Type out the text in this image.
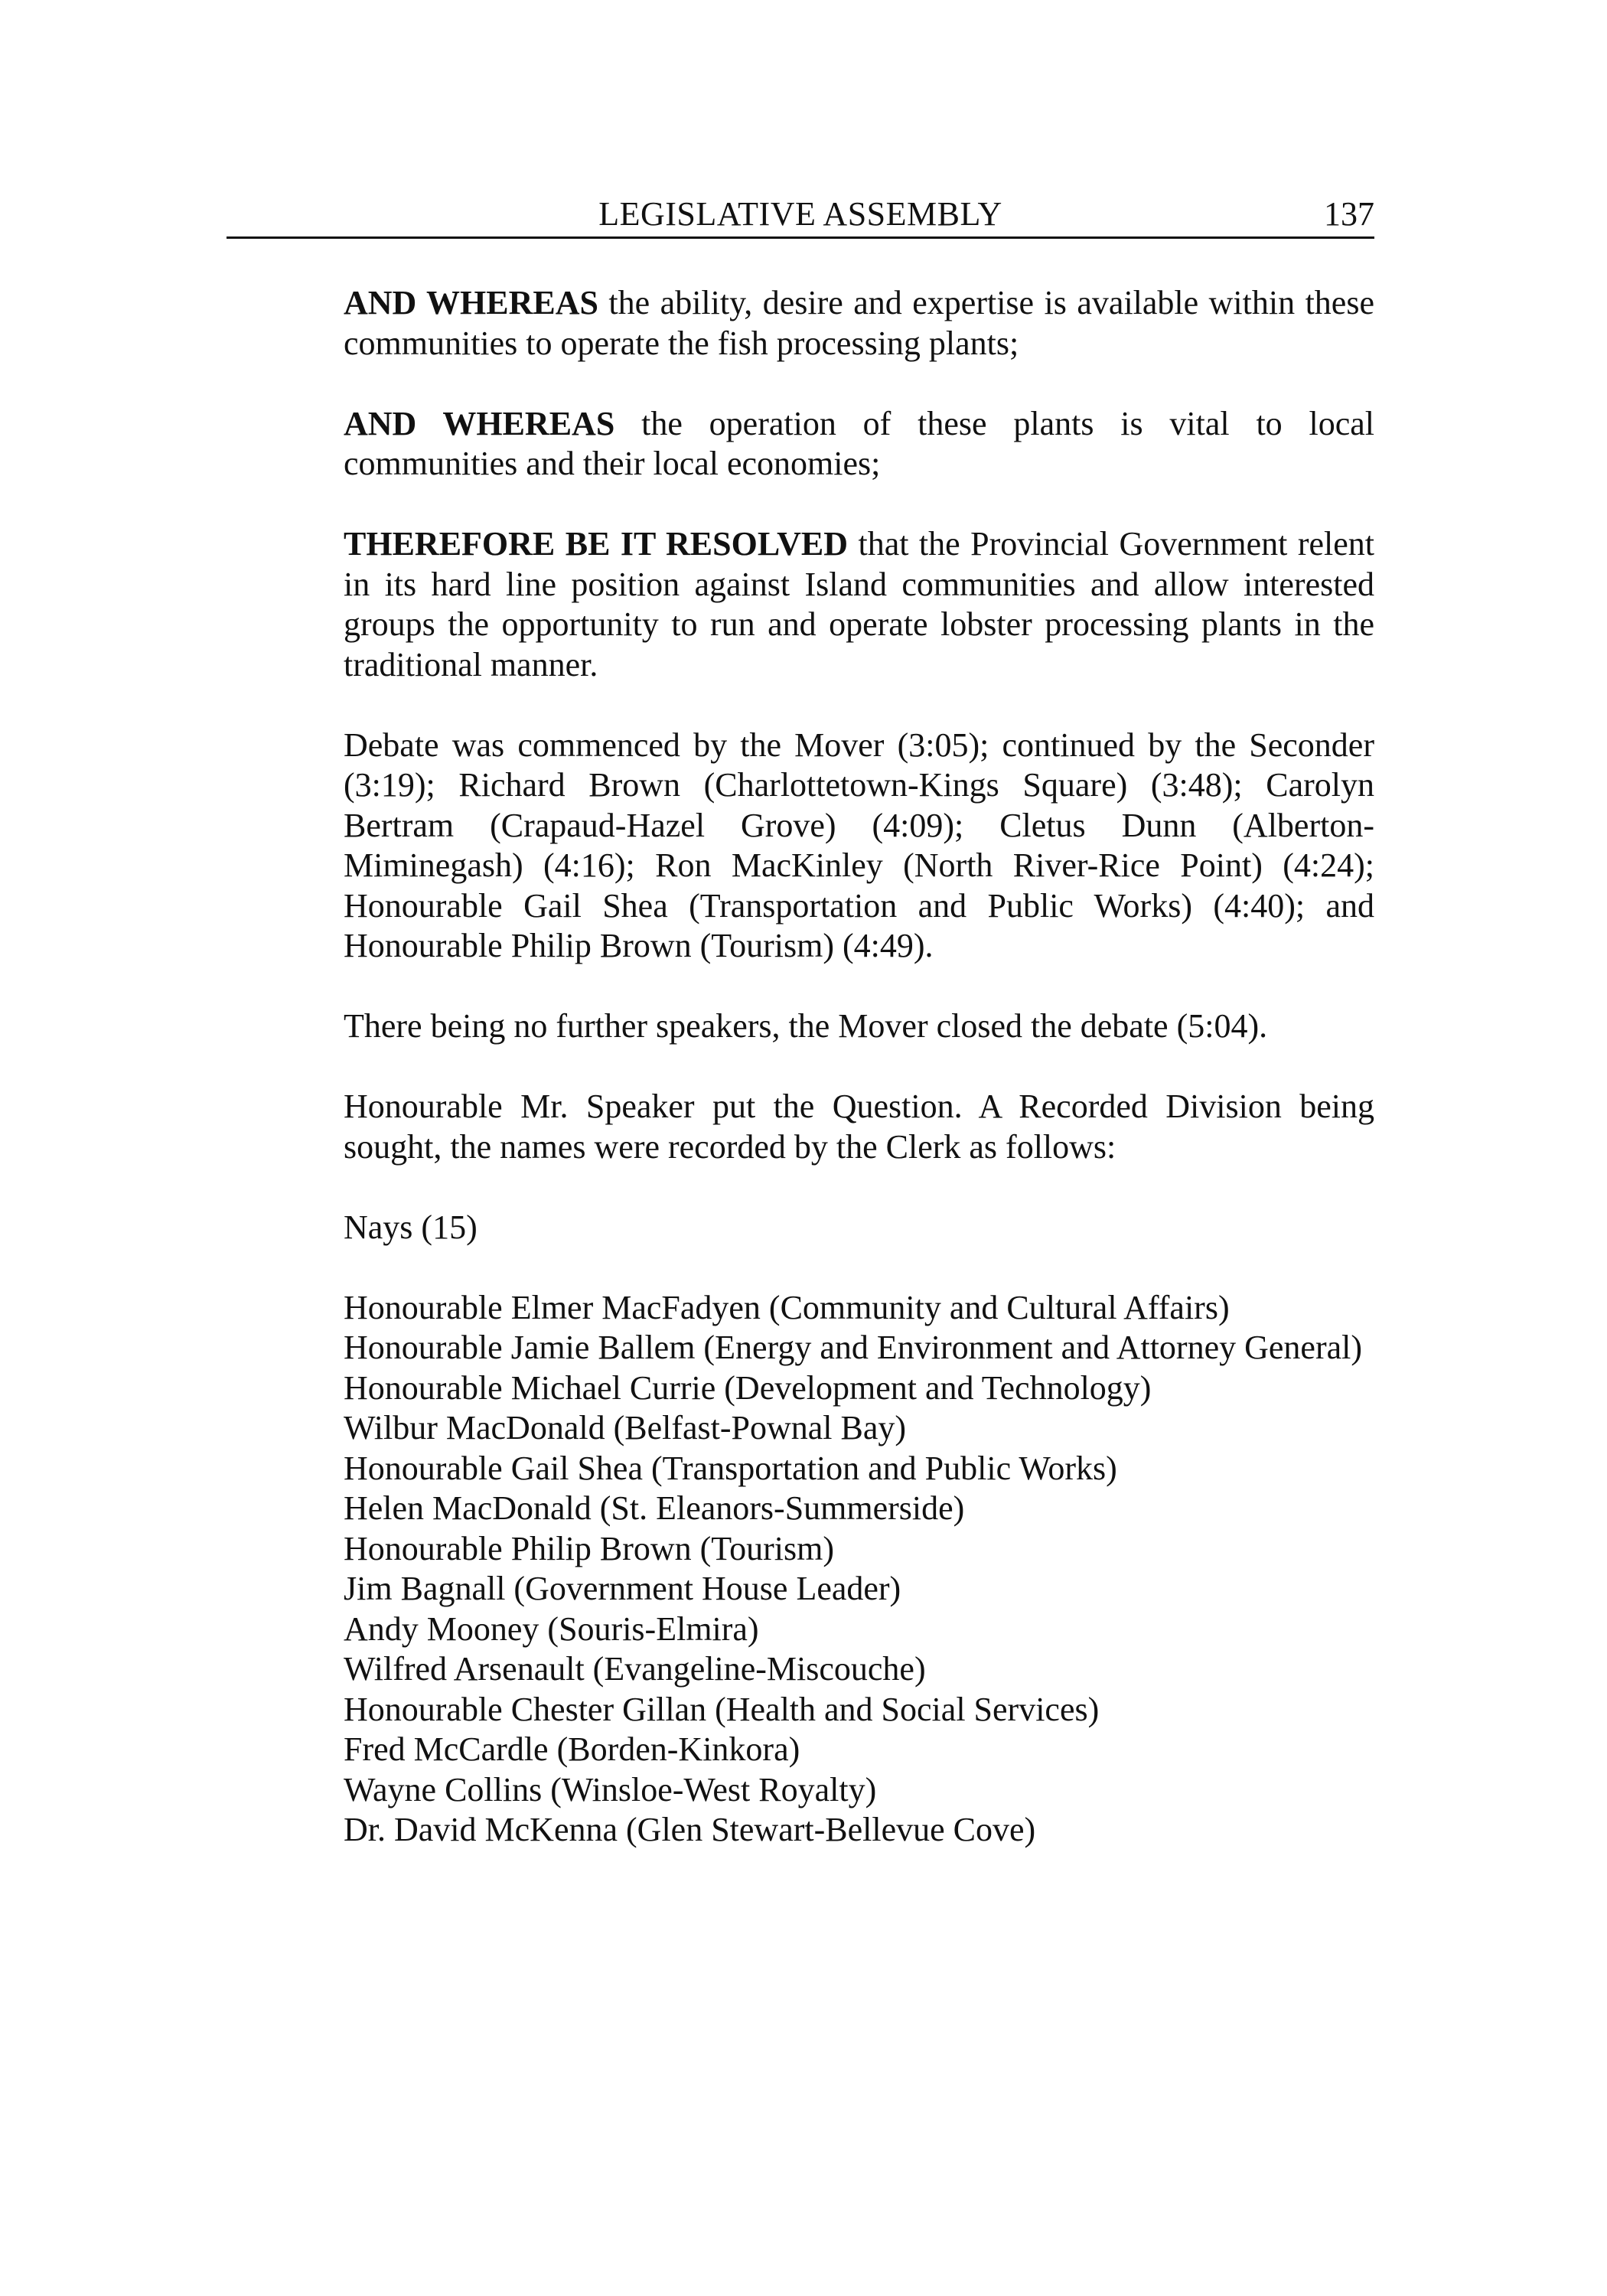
LEGISLATIVE ASSEMBLY	137

AND WHEREAS the ability, desire and expertise is available within these communities to operate the fish processing plants;

AND WHEREAS the operation of these plants is vital to local communities and their local economies;

THEREFORE BE IT RESOLVED that the Provincial Government relent in its hard line position against Island communities and allow interested groups the opportunity to run and operate lobster processing plants in the traditional manner.

Debate was commenced by the Mover (3:05); continued by the Seconder (3:19); Richard Brown (Charlottetown-Kings Square) (3:48); Carolyn Bertram (Crapaud-Hazel Grove) (4:09); Cletus Dunn (Alberton-Miminegash) (4:16); Ron MacKinley (North River-Rice Point) (4:24); Honourable Gail Shea (Transportation and Public Works) (4:40); and Honourable Philip Brown (Tourism) (4:49).

There being no further speakers, the Mover closed the debate (5:04).

Honourable Mr. Speaker put the Question. A Recorded Division being sought, the names were recorded by the Clerk as follows:

Nays (15)

Honourable Elmer MacFadyen (Community and Cultural Affairs)
Honourable Jamie Ballem (Energy and Environment and Attorney General)
Honourable Michael Currie (Development and Technology)
Wilbur MacDonald (Belfast-Pownal Bay)
Honourable Gail Shea (Transportation and Public Works)
Helen MacDonald (St. Eleanors-Summerside)
Honourable Philip Brown (Tourism)
Jim Bagnall (Government House Leader)
Andy Mooney (Souris-Elmira)
Wilfred Arsenault (Evangeline-Miscouche)
Honourable Chester Gillan (Health and Social Services)
Fred McCardle (Borden-Kinkora)
Wayne Collins (Winsloe-West Royalty)
Dr. David McKenna (Glen Stewart-Bellevue Cove)
